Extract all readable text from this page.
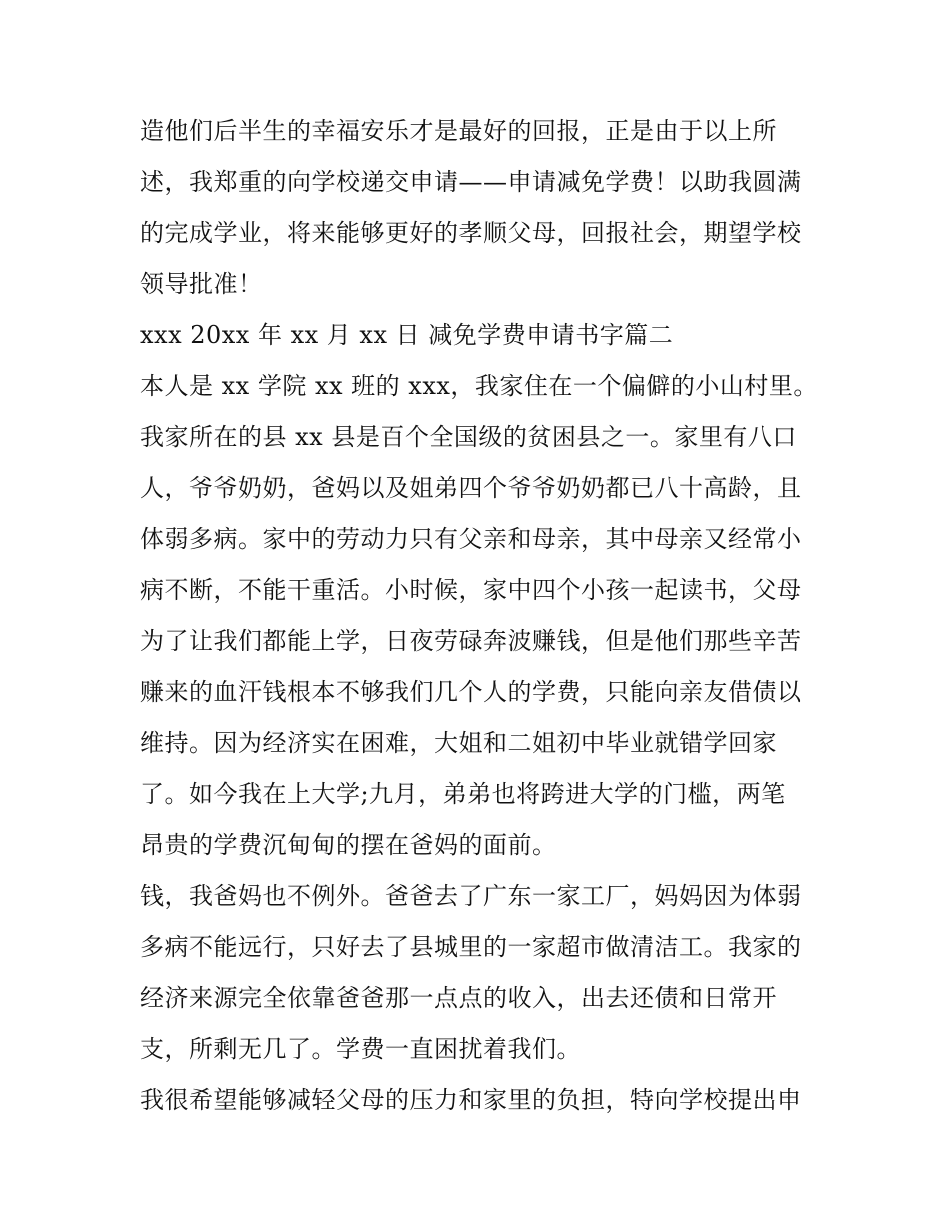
造他们后半生的幸福安乐才是最好的回报，正是由于以上所
述，我郑重的向学校递交申请——申请减免学费！以助我圆满
的完成学业，将来能够更好的孝顺父母，回报社会，期望学校
领导批准！
xxx 20xx 年 xx 月 xx 日 减免学费申请书字篇二
本人是 xx 学院 xx 班的 xxx，我家住在一个偏僻的小山村里。
我家所在的县 xx 县是百个全国级的贫困县之一。家里有八口
人，爷爷奶奶，爸妈以及姐弟四个爷爷奶奶都已八十高龄，且
体弱多病。家中的劳动力只有父亲和母亲，其中母亲又经常小
病不断，不能干重活。小时候，家中四个小孩一起读书，父母
为了让我们都能上学，日夜劳碌奔波赚钱，但是他们那些辛苦
赚来的血汗钱根本不够我们几个人的学费，只能向亲友借债以
维持。因为经济实在困难，大姐和二姐初中毕业就错学回家
了。如今我在上大学;九月，弟弟也将跨进大学的门槛，两笔
昂贵的学费沉甸甸的摆在爸妈的面前。
钱，我爸妈也不例外。爸爸去了广东一家工厂，妈妈因为体弱
多病不能远行，只好去了县城里的一家超市做清洁工。我家的
经济来源完全依靠爸爸那一点点的收入，出去还债和日常开
支，所剩无几了。学费一直困扰着我们。
我很希望能够减轻父母的压力和家里的负担，特向学校提出申
